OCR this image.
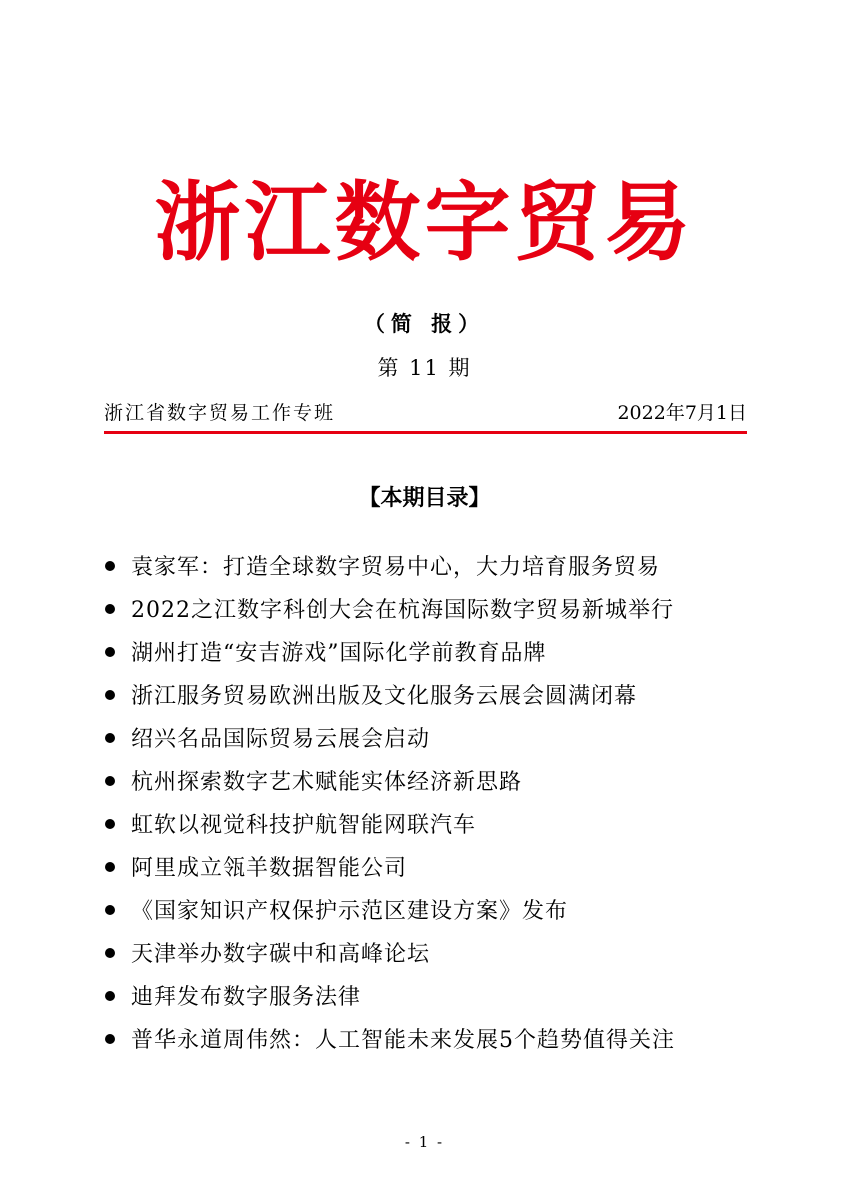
浙江数字贸易
（简 报）
第 11 期
浙江省数字贸易工作专班	2022年7月1日
【本期目录】
袁家军：打造全球数字贸易中心，大力培育服务贸易
2022之江数字科创大会在杭海国际数字贸易新城举行
湖州打造“安吉游戏”国际化学前教育品牌
浙江服务贸易欧洲出版及文化服务云展会圆满闭幕
绍兴名品国际贸易云展会启动
杭州探索数字艺术赋能实体经济新思路
虹软以视觉科技护航智能网联汽车
阿里成立瓴羊数据智能公司
《国家知识产权保护示范区建设方案》发布
天津举办数字碳中和高峰论坛
迪拜发布数字服务法律
普华永道周伟然：人工智能未来发展5个趋势值得关注
- 1 -
